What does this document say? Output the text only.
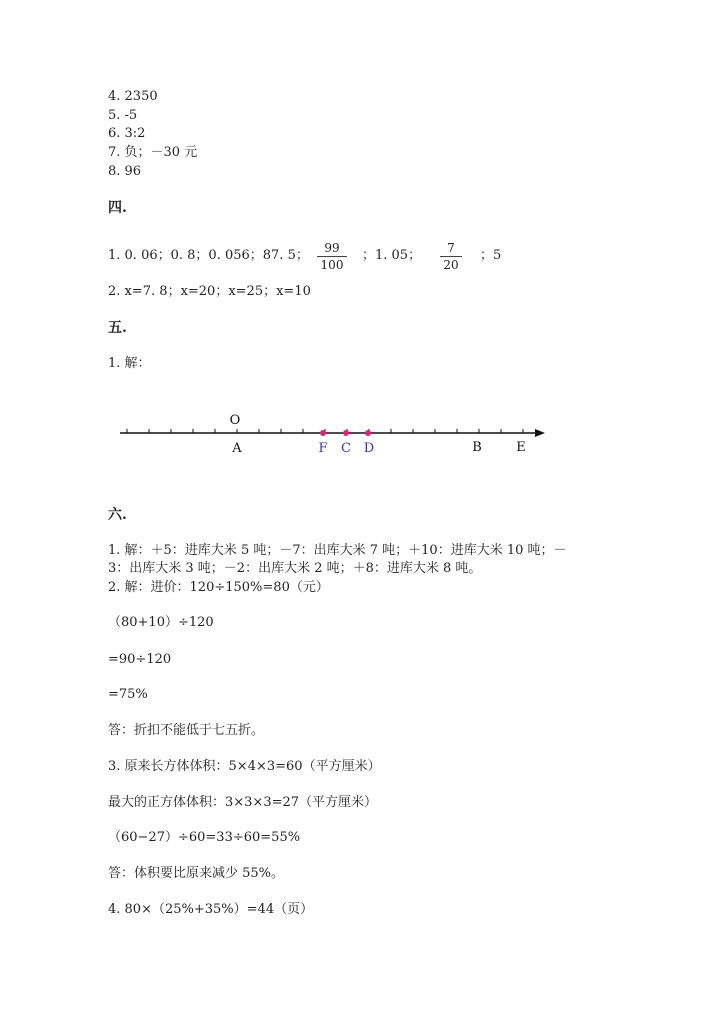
4. 2350
5. -5
6. 3:2
7. 负；－30 元
8. 96
四.
1. 0. 06；0. 8；0. 056；87. 5；	99
100
；1. 05；	7
20
；5
2. x=7. 8；x=20；x=25；x=10
五.
1. 解：
O
A	F C D	B	E
六.
1. 解：＋5：进库大米 5 吨；－7：出库大米 7 吨；＋10：进库大米 10 吨；－
3：出库大米 3 吨；－2：出库大米 2 吨；＋8：进库大米 8 吨。
2. 解：进价：120÷150%=80（元）
（80+10）÷120
=90÷120
=75%
答：折扣不能低于七五折。
3. 原来长方体体积：5×4×3=60（平方厘米）
最大的正方体体积：3×3×3=27（平方厘米）
（60−27）÷60=33÷60=55%
答：体积要比原来减少 55%。
4. 80×（25%+35%）=44（页）
